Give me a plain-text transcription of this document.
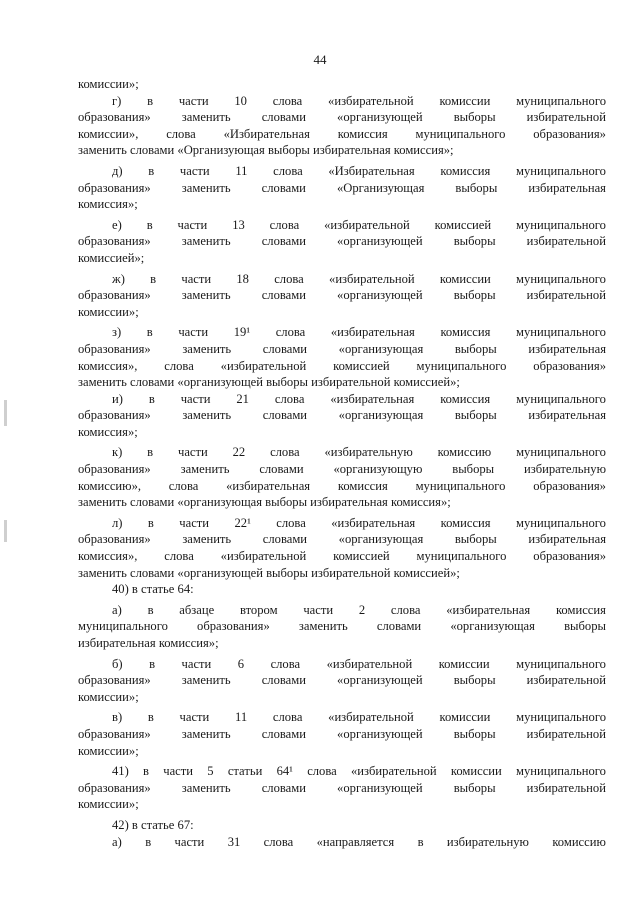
44
комиссии»;
г) в части 10 слова «избирательной комиссии муниципального
образования» заменить словами «организующей выборы избирательной
комиссии», слова «Избирательная комиссия муниципального образования»
заменить словами «Организующая выборы избирательная комиссия»;
д) в части 11 слова «Избирательная комиссия муниципального
образования» заменить словами «Организующая выборы избирательная
комиссия»;
е) в части 13 слова «избирательной комиссией муниципального
образования» заменить словами «организующей выборы избирательной
комиссией»;
ж) в части 18 слова «избирательной комиссии муниципального
образования» заменить словами «организующей выборы избирательной
комиссии»;
з) в части 19¹ слова «избирательная комиссия муниципального
образования»	заменить	словами	«организующая	выборы	избирательная
комиссия», слова «избирательной комиссией муниципального образования»
заменить словами «организующей выборы избирательной комиссией»;
и) в части 21 слова «избирательная комиссия муниципального
образования»	заменить	словами	«организующая	выборы	избирательная
комиссия»;
к) в части 22 слова «избирательную комиссию муниципального
образования» заменить словами «организующую выборы избирательную
комиссию», слова «избирательная комиссия муниципального образования»
заменить словами «организующая выборы избирательная комиссия»;
л) в части 22¹ слова «избирательная комиссия муниципального
образования»	заменить	словами	«организующая	выборы	избирательная
комиссия», слова «избирательной комиссией муниципального образования»
заменить словами «организующей выборы избирательной комиссией»;
40) в статье 64:
а) в абзаце втором части 2 слова «избирательная комиссия
муниципального образования» заменить словами «организующая выборы
избирательная комиссия»;
б) в части 6 слова «избирательной комиссии муниципального
образования» заменить словами «организующей выборы избирательной
комиссии»;
в) в части 11 слова «избирательной комиссии муниципального
образования» заменить словами «организующей выборы избирательной
комиссии»;
41) в части 5 статьи 64¹ слова «избирательной комиссии муниципального
образования» заменить словами «организующей выборы избирательной
комиссии»;
42) в статье 67:
а) в части 31 слова «направляется в избирательную комиссию
